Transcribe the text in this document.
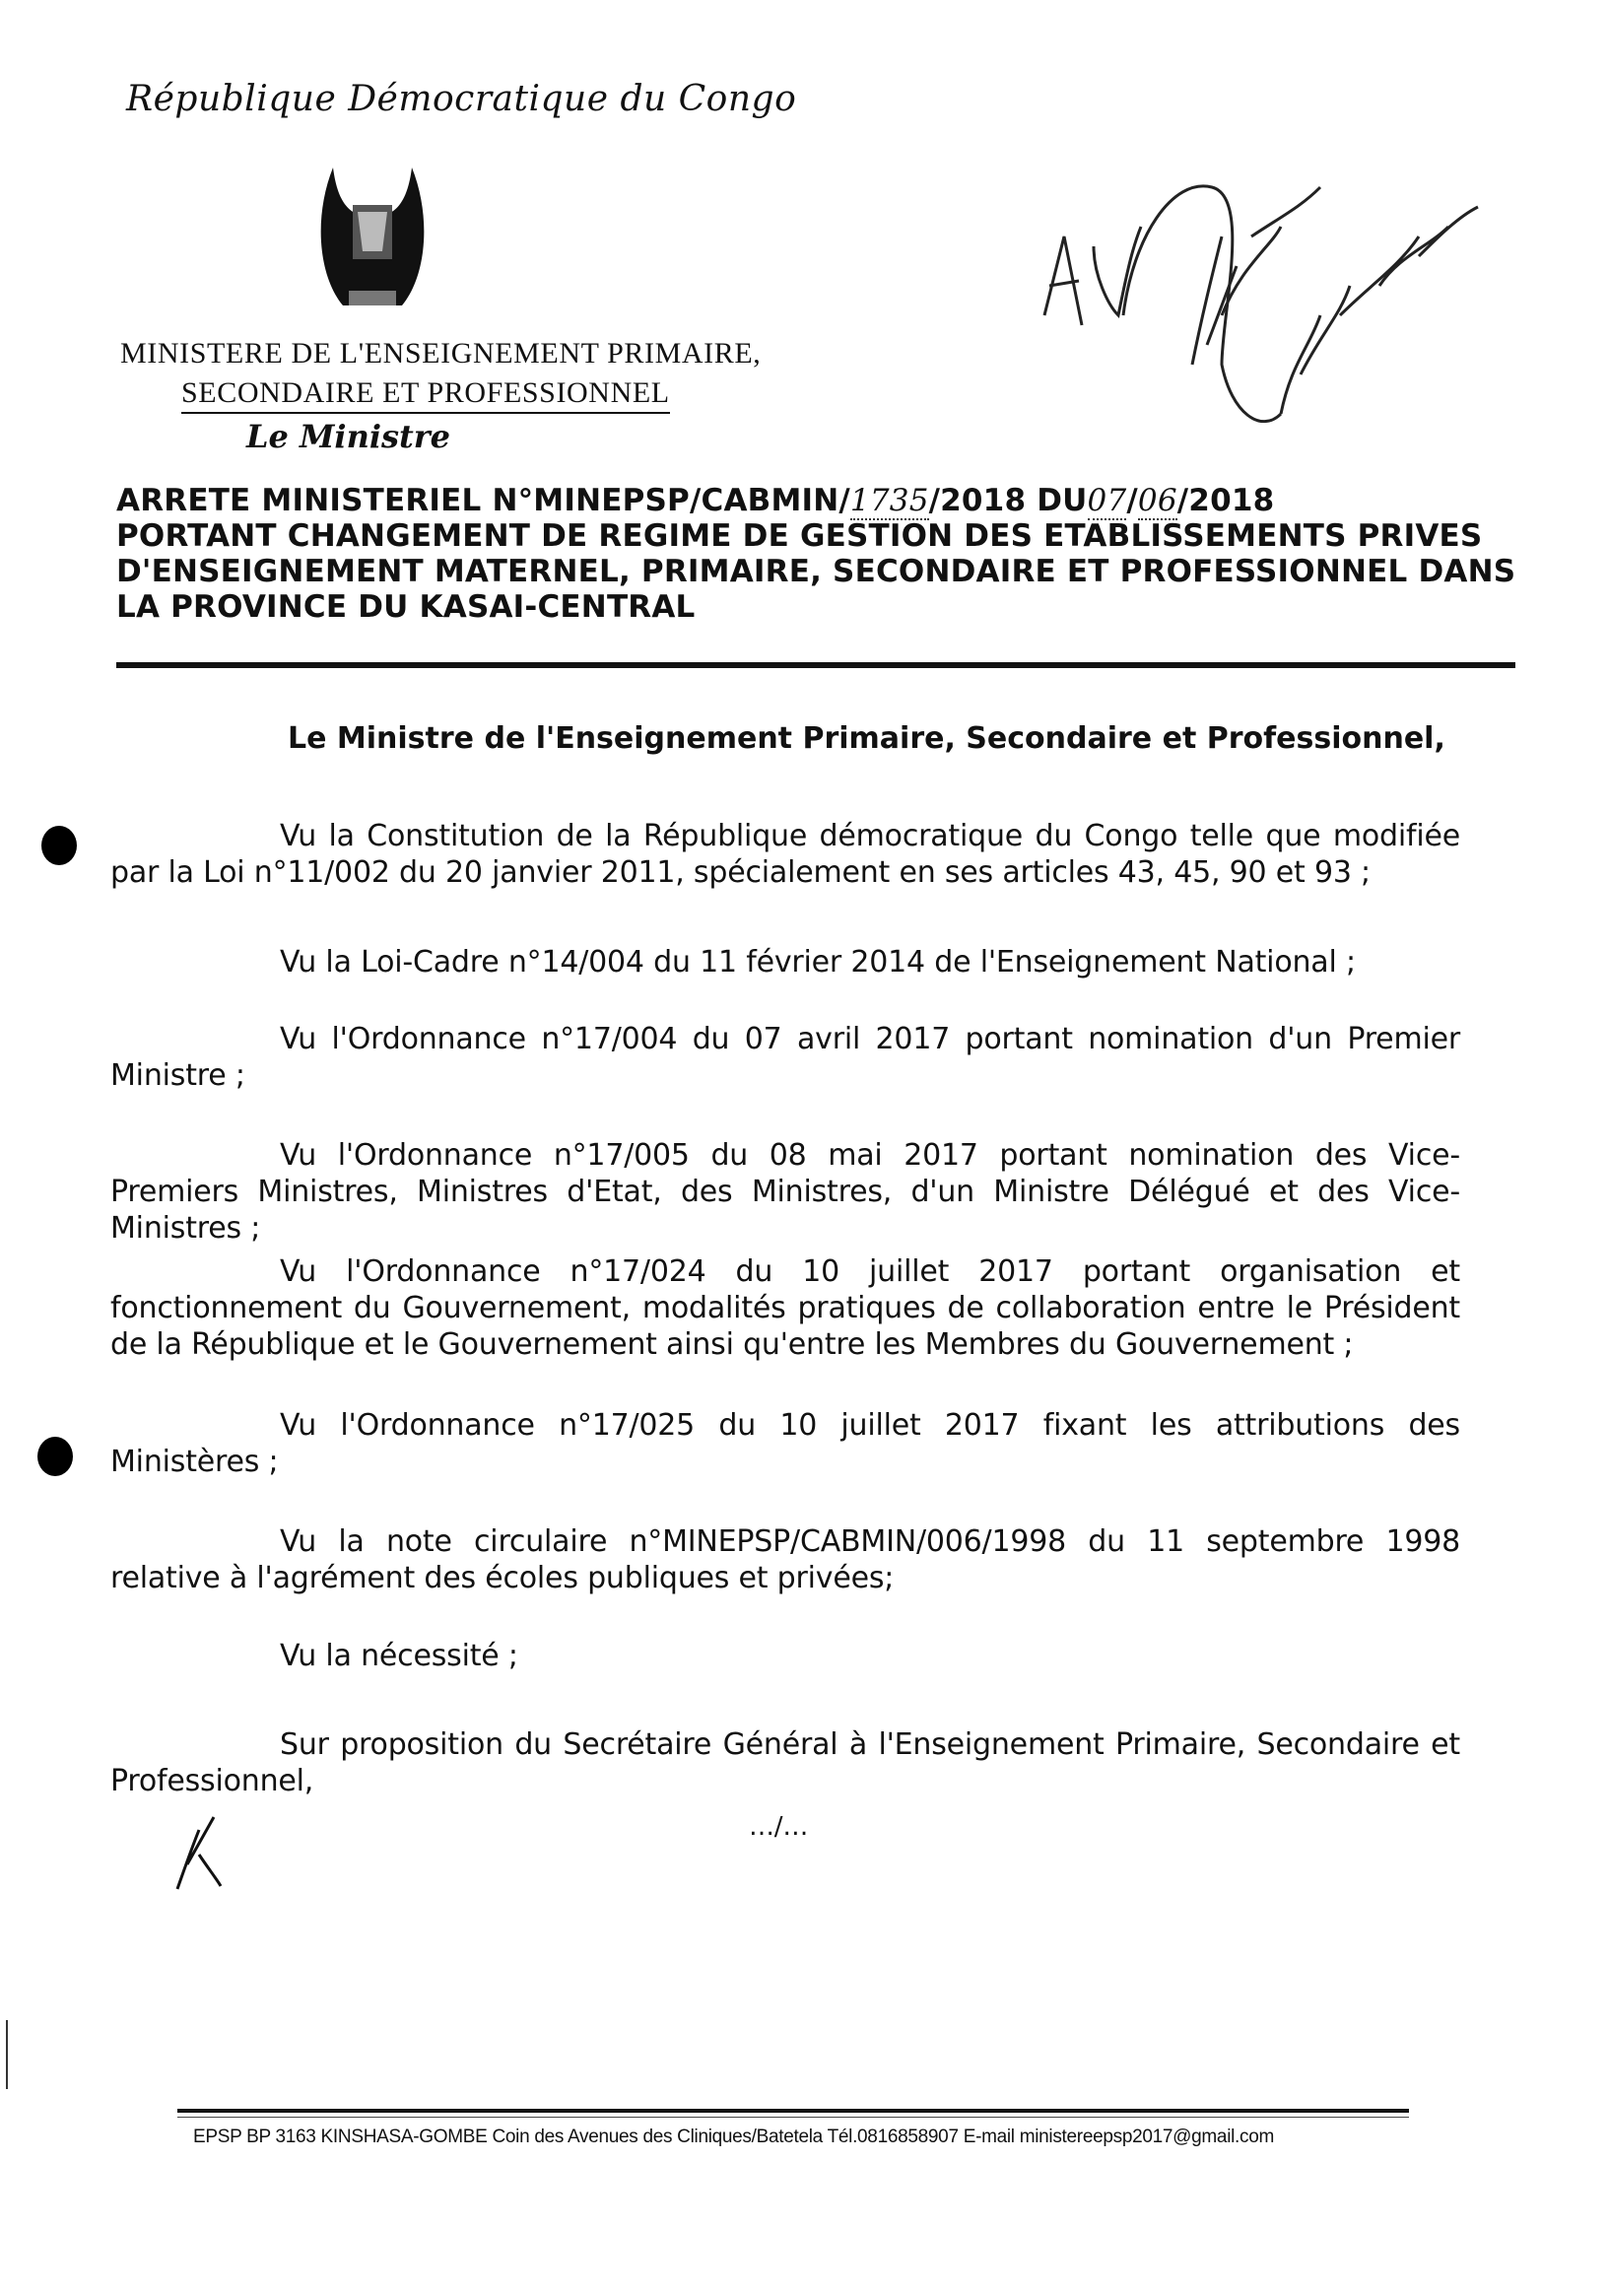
République Démocratique du Congo
MINISTERE DE L'ENSEIGNEMENT PRIMAIRE,
SECONDAIRE ET PROFESSIONNEL
Le Ministre
ARRETE MINISTERIEL N°MINEPSP/CABMIN/1735/2018 DU07/06/2018
PORTANT CHANGEMENT DE REGIME DE GESTION DES ETABLISSEMENTS PRIVES
D'ENSEIGNEMENT MATERNEL, PRIMAIRE, SECONDAIRE ET PROFESSIONNEL DANS
LA PROVINCE DU KASAI-CENTRAL
Le Ministre de l'Enseignement Primaire, Secondaire et Professionnel,

Vu la Constitution de la République démocratique du Congo telle que modifiée par la Loi n°11/002 du 20 janvier 2011, spécialement en ses articles 43, 45, 90 et 93 ;

Vu la Loi-Cadre n°14/004 du 11 février 2014 de l'Enseignement National ;

Vu l'Ordonnance n°17/004 du 07 avril 2017 portant nomination d'un Premier Ministre ;

Vu l'Ordonnance n°17/005 du 08 mai 2017 portant nomination des Vice-Premiers Ministres, Ministres d'Etat, des Ministres, d'un Ministre Délégué et des Vice-Ministres ;

Vu l'Ordonnance n°17/024 du 10 juillet 2017 portant organisation et fonctionnement du Gouvernement, modalités pratiques de collaboration entre le Président de la République et le Gouvernement ainsi qu'entre les Membres du Gouvernement ;

Vu l'Ordonnance n°17/025 du 10 juillet 2017 fixant les attributions des Ministères ;

Vu la note circulaire n°MINEPSP/CABMIN/006/1998 du 11 septembre 1998 relative à l'agrément des écoles publiques et privées;

Vu la nécessité ;

Sur proposition du Secrétaire Général à l'Enseignement Primaire, Secondaire et Professionnel,

…/…
EPSP BP 3163 KINSHASA-GOMBE Coin des Avenues des Cliniques/Batetela Tél.0816858907 E-mail ministereepsp2017@gmail.com
